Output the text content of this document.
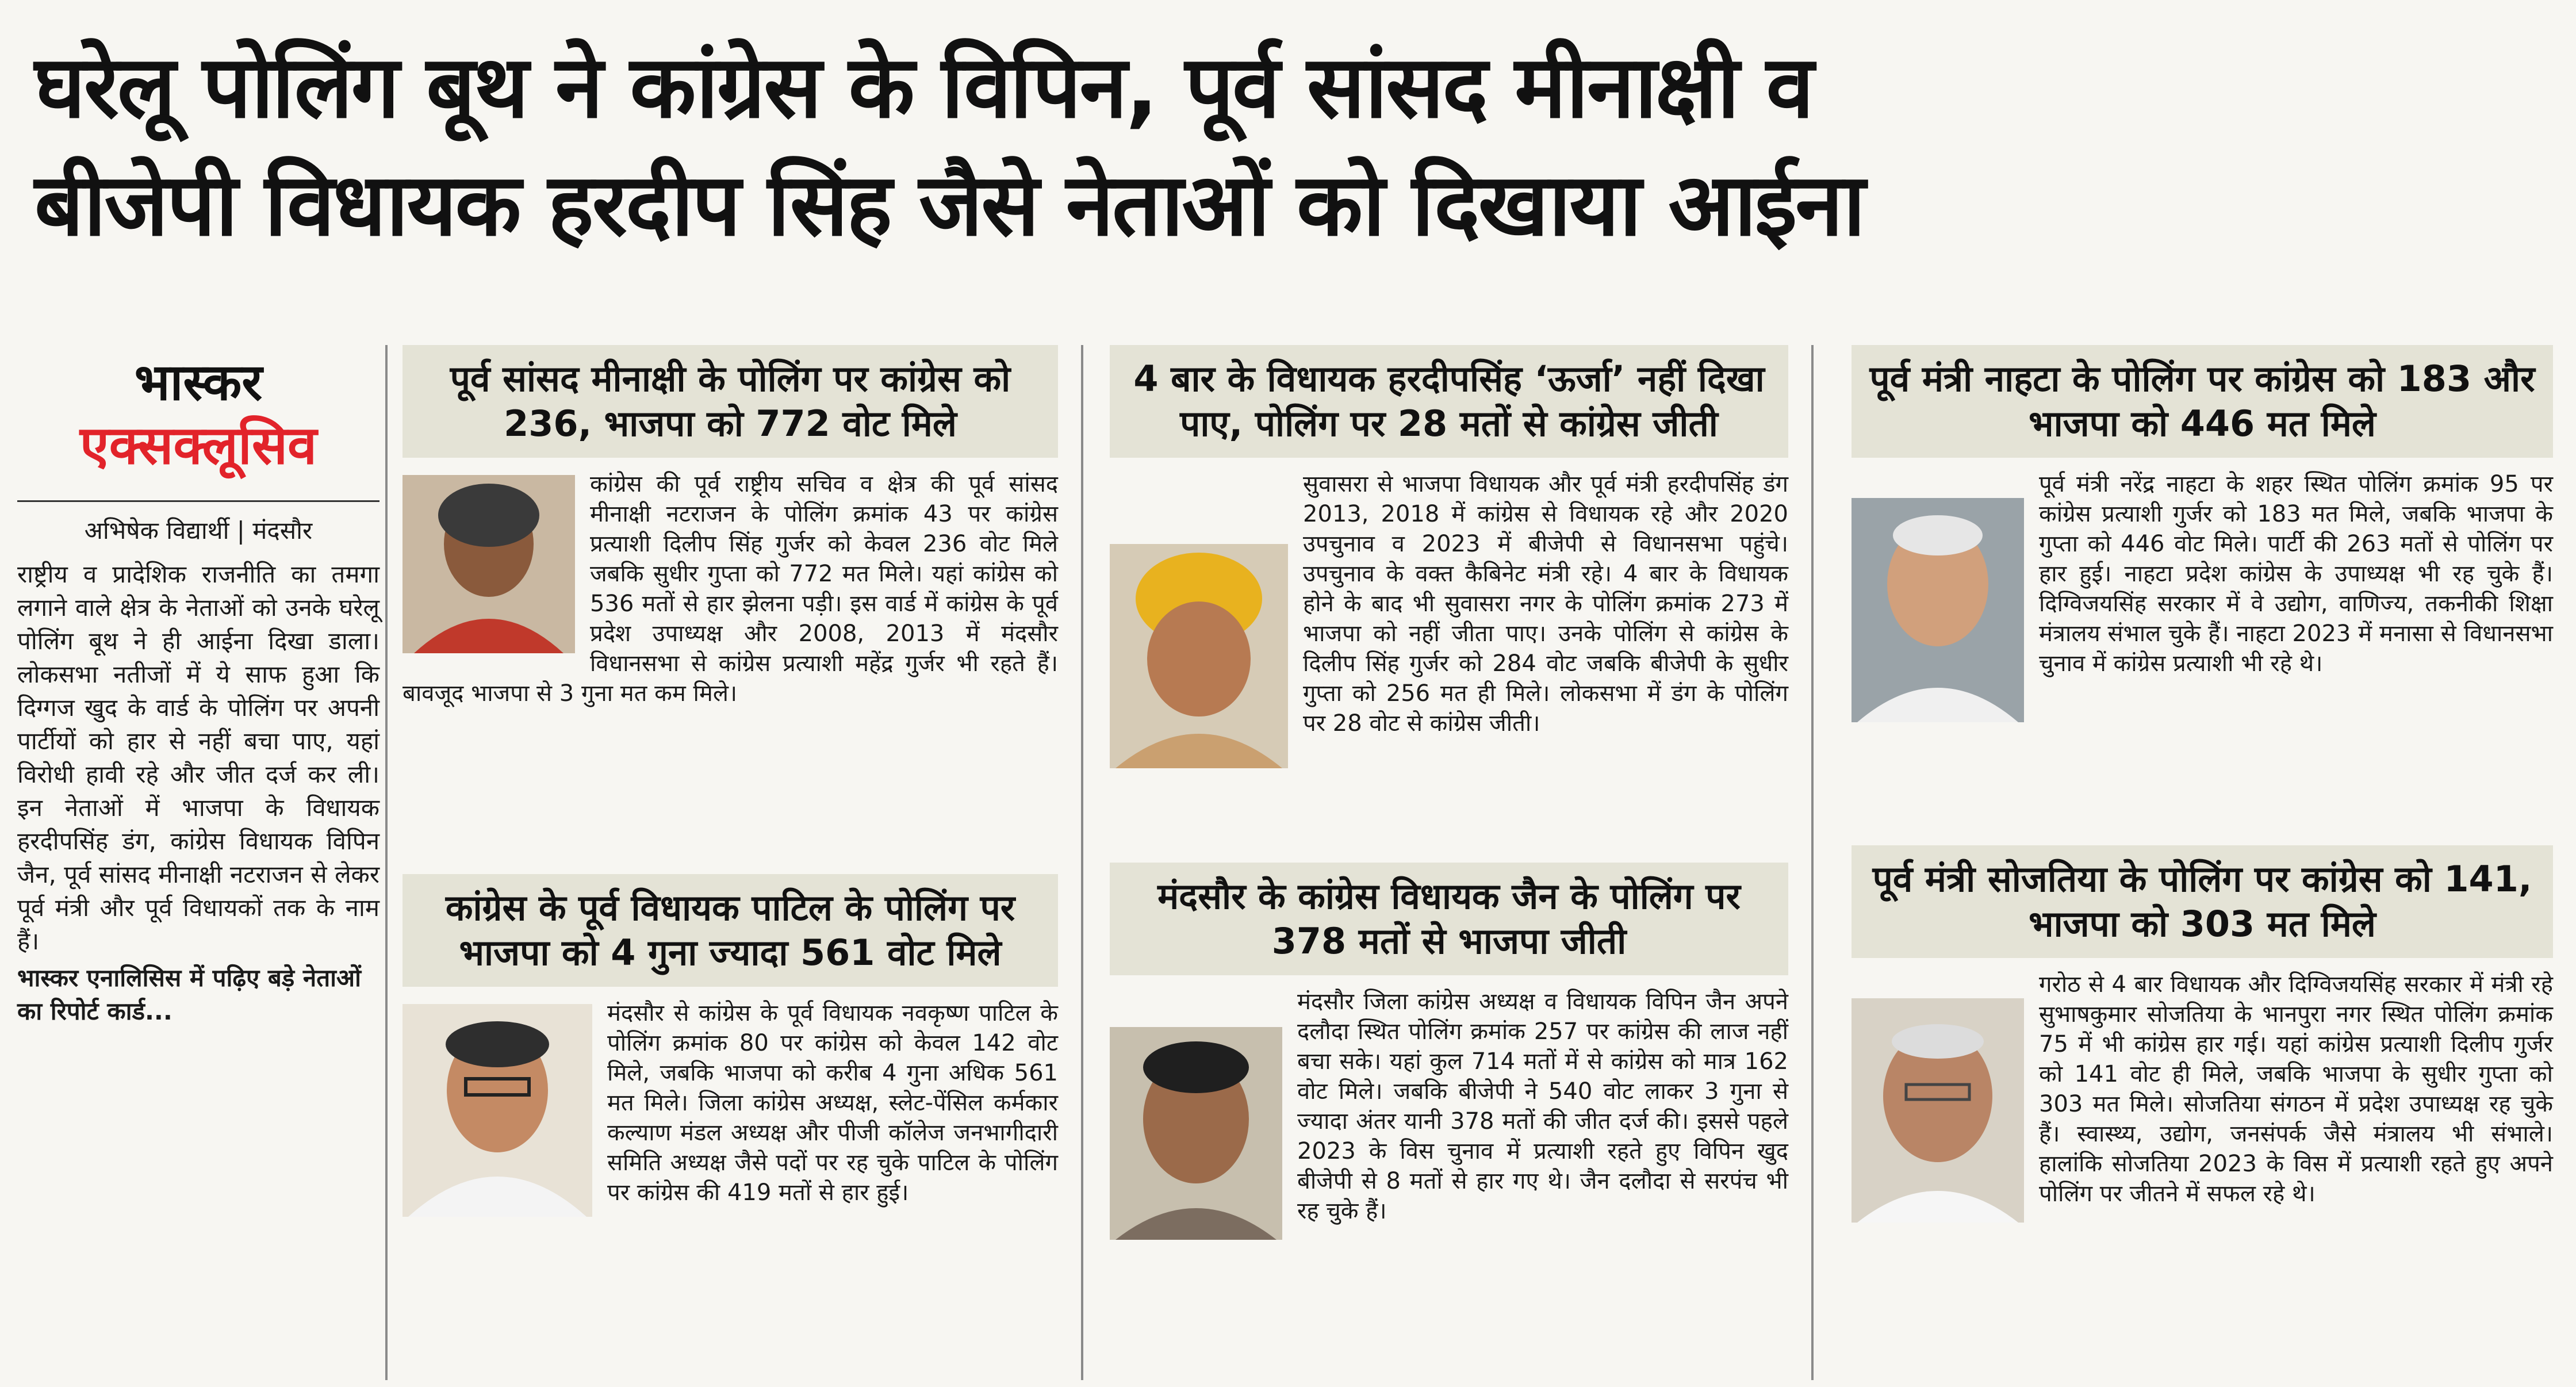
घरेलू पोलिंग बूथ ने कांग्रेस के विपिन, पूर्व सांसद मीनाक्षी व
बीजेपी विधायक हरदीप सिंह जैसे नेताओं को दिखाया आईना
भास्कर
एक्सक्लूसिव
अभिषेक विद्यार्थी | मंदसौर
राष्ट्रीय व प्रादेशिक राजनीति का तमगा लगाने वाले क्षेत्र के नेताओं को उनके घरेलू पोलिंग बूथ ने ही आईना दिखा डाला। लोकसभा नतीजों में ये साफ हुआ कि दिग्गज खुद के वार्ड के पोलिंग पर अपनी पार्टीयों को हार से नहीं बचा पाए, यहां विरोधी हावी रहे और जीत दर्ज कर ली। इन नेताओं में भाजपा के विधायक हरदीपसिंह डंग, कांग्रेस विधायक विपिन जैन, पूर्व सांसद मीनाक्षी नटराजन से लेकर पूर्व मंत्री और पूर्व विधायकों तक के नाम हैं।
भास्कर एनालिसिस में पढ़िए बड़े नेताओं का रिपोर्ट कार्ड...
पूर्व सांसद मीनाक्षी के पोलिंग पर कांग्रेस को 236, भाजपा को 772 वोट मिले
कांग्रेस की पूर्व राष्ट्रीय सचिव व क्षेत्र की पूर्व सांसद मीनाक्षी नटराजन के पोलिंग क्रमांक 43 पर कांग्रेस प्रत्याशी दिलीप सिंह गुर्जर को केवल 236 वोट मिले जबकि सुधीर गुप्ता को 772 मत मिले। यहां कांग्रेस को 536 मतों से हार झेलना पड़ी। इस वार्ड में कांग्रेस के पूर्व प्रदेश उपाध्यक्ष और 2008, 2013 में मंदसौर विधानसभा से कांग्रेस प्रत्याशी महेंद्र गुर्जर भी रहते हैं। बावजूद भाजपा से 3 गुना मत कम मिले।
कांग्रेस के पूर्व विधायक पाटिल के पोलिंग पर भाजपा को 4 गुना ज्यादा 561 वोट मिले
मंदसौर से कांग्रेस के पूर्व विधायक नवकृष्ण पाटिल के पोलिंग क्रमांक 80 पर कांग्रेस को केवल 142 वोट मिले, जबकि भाजपा को करीब 4 गुना अधिक 561 मत मिले। जिला कांग्रेस अध्यक्ष, स्लेट-पेंसिल कर्मकार कल्याण मंडल अध्यक्ष और पीजी कॉलेज जनभागीदारी समिति अध्यक्ष जैसे पदों पर रह चुके पाटिल के पोलिंग पर कांग्रेस की 419 मतों से हार हुई।
4 बार के विधायक हरदीपसिंह ‘ऊर्जा’ नहीं दिखा पाए, पोलिंग पर 28 मतों से कांग्रेस जीती
सुवासरा से भाजपा विधायक और पूर्व मंत्री हरदीपसिंह डंग 2013, 2018 में कांग्रेस से विधायक रहे और 2020 उपचुनाव व 2023 में बीजेपी से विधानसभा पहुंचे। उपचुनाव के वक्त कैबिनेट मंत्री रहे। 4 बार के विधायक होने के बाद भी सुवासरा नगर के पोलिंग क्रमांक 273 में भाजपा को नहीं जीता पाए। उनके पोलिंग से कांग्रेस के दिलीप सिंह गुर्जर को 284 वोट जबकि बीजेपी के सुधीर गुप्ता को 256 मत ही मिले। लोकसभा में डंग के पोलिंग पर 28 वोट से कांग्रेस जीती।
मंदसौर के कांग्रेस विधायक जैन के पोलिंग पर 378 मतों से भाजपा जीती
मंदसौर जिला कांग्रेस अध्यक्ष व विधायक विपिन जैन अपने दलौदा स्थित पोलिंग क्रमांक 257 पर कांग्रेस की लाज नहीं बचा सके। यहां कुल 714 मतों में से कांग्रेस को मात्र 162 वोट मिले। जबकि बीजेपी ने 540 वोट लाकर 3 गुना से ज्यादा अंतर यानी 378 मतों की जीत दर्ज की। इससे पहले 2023 के विस चुनाव में प्रत्याशी रहते हुए विपिन खुद बीजेपी से 8 मतों से हार गए थे। जैन दलौदा से सरपंच भी रह चुके हैं।
पूर्व मंत्री नाहटा के पोलिंग पर कांग्रेस को 183 और भाजपा को 446 मत मिले
पूर्व मंत्री नरेंद्र नाहटा के शहर स्थित पोलिंग क्रमांक 95 पर कांग्रेस प्रत्याशी गुर्जर को 183 मत मिले, जबकि भाजपा के गुप्ता को 446 वोट मिले। पार्टी की 263 मतों से पोलिंग पर हार हुई। नाहटा प्रदेश कांग्रेस के उपाध्यक्ष भी रह चुके हैं। दिग्विजयसिंह सरकार में वे उद्योग, वाणिज्य, तकनीकी शिक्षा मंत्रालय संभाल चुके हैं। नाहटा 2023 में मनासा से विधानसभा चुनाव में कांग्रेस प्रत्याशी भी रहे थे।
पूर्व मंत्री सोजतिया के पोलिंग पर कांग्रेस को 141, भाजपा को 303 मत मिले
गरोठ से 4 बार विधायक और दिग्विजयसिंह सरकार में मंत्री रहे सुभाषकुमार सोजतिया के भानपुरा नगर स्थित पोलिंग क्रमांक 75 में भी कांग्रेस हार गई। यहां कांग्रेस प्रत्याशी दिलीप गुर्जर को 141 वोट ही मिले, जबकि भाजपा के सुधीर गुप्ता को 303 मत मिले। सोजतिया संगठन में प्रदेश उपाध्यक्ष रह चुके हैं। स्वास्थ्य, उद्योग, जनसंपर्क जैसे मंत्रालय भी संभाले। हालांकि सोजतिया 2023 के विस में प्रत्याशी रहते हुए अपने पोलिंग पर जीतने में सफल रहे थे।
